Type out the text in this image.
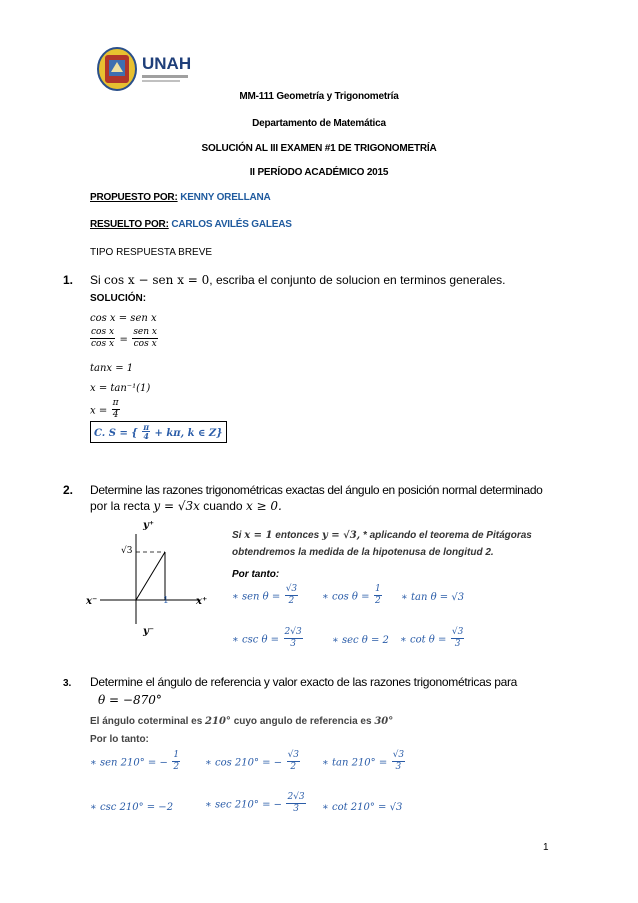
UNAH
MM-111 Geometría y Trigonometría
Departamento de Matemática
SOLUCIÓN AL III EXAMEN #1 DE TRIGONOMETRÍA
II PERÍODO ACADÉMICO 2015
PROPUESTO POR: KENNY ORELLANA
RESUELTO POR: CARLOS AVILÉS GALEAS
TIPO RESPUESTA BREVE
1. Si cos x − sen x = 0, escriba el conjunto de solucion en terminos generales.
SOLUCIÓN:
cos x = sen x
$\frac{\text{cos x}}{\text{cos x}} = \frac{\text{sen x}}{\text{cos x}}$
tanx = 1
x = tan⁻¹(1)
$x = \frac{\pi}{4}$
C. S = { $\frac{\pi}{4} + k\pi$, k ∈ Z}
2. Determine las razones trigonométricas exactas del ángulo en posición normal determinado
por la recta y = √3x cuando x ≥ 0.
y⁺
y⁻
x⁺
x⁻
√3
1
Si x = 1 entonces y = √3, * aplicando el teorema de Pitágoras
obtendremos la medida de la hipotenusa de longitud 2.
Por tanto:
∗ sen $\theta = \frac{√3}{2}$ ∗ $\cos \theta = \frac{1}{2}$ ∗ tan θ = √3
∗ $\csc \theta = \frac{2√3}{3}$	∗ sec θ = 2 ∗ $\cot \theta = \frac{√3}{3}$
3. Determine el ángulo de referencia y valor exacto de las razones trigonométricas para
θ = −870°
El ángulo coterminal es 210° cuyo angulo de referencia es 30°
Por lo tanto:
∗ sen 210° = − $\frac{1}{2}$ ∗ cos 210° = − $\frac{√3}{2}$ ∗ $\tan 210^\circ = \frac{√3}{3}$
∗ csc 210° = −2	∗ sec 210° = − $\frac{2√3}{3}$ ∗ cot 210° = √3
1
